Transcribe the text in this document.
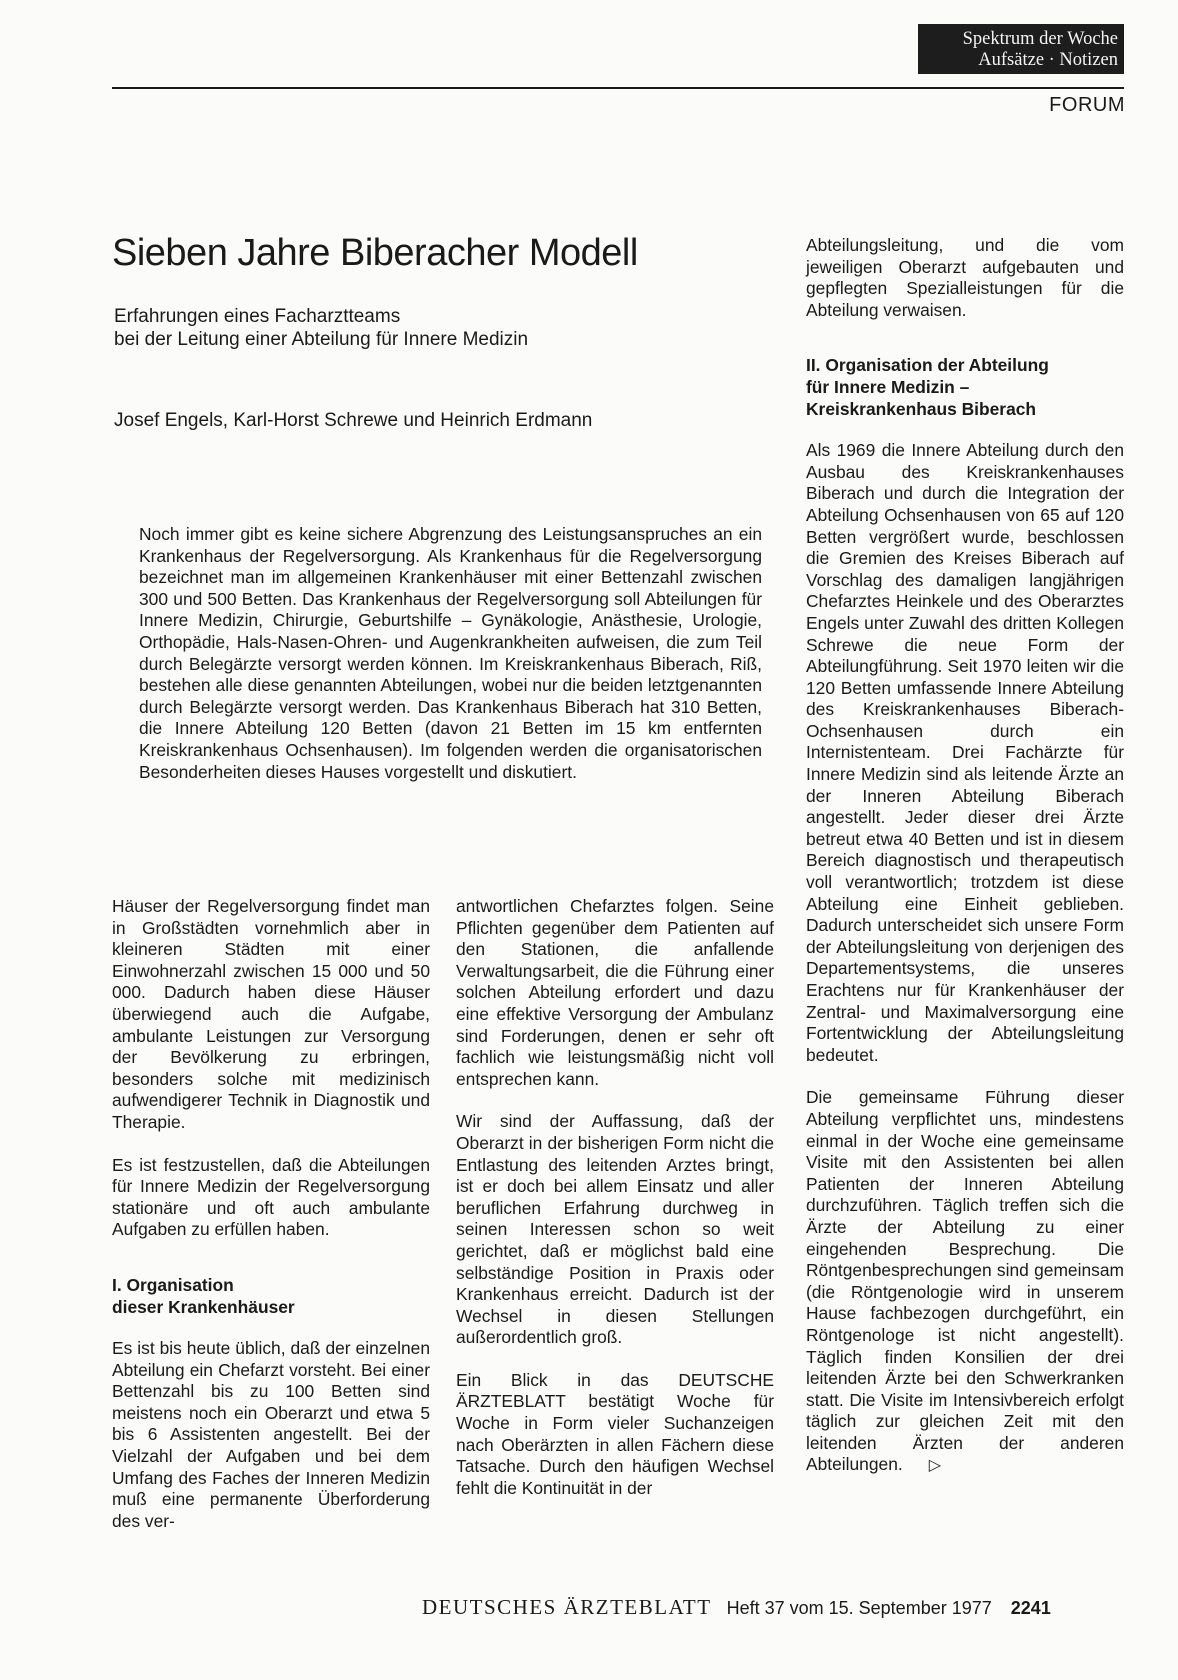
Spektrum der Woche
Aufsätze · Notizen
FORUM
Sieben Jahre Biberacher Modell
Erfahrungen eines Facharztteams
bei der Leitung einer Abteilung für Innere Medizin
Josef Engels, Karl-Horst Schrewe und Heinrich Erdmann
Noch immer gibt es keine sichere Abgrenzung des Leistungsanspruches an ein Krankenhaus der Regelversorgung. Als Krankenhaus für die Regelversorgung bezeichnet man im allgemeinen Krankenhäuser mit einer Bettenzahl zwischen 300 und 500 Betten. Das Krankenhaus der Regelversorgung soll Abteilungen für Innere Medizin, Chirurgie, Geburtshilfe – Gynäkologie, Anästhesie, Urologie, Orthopädie, Hals-Nasen-Ohren- und Augenkrankheiten aufweisen, die zum Teil durch Belegärzte versorgt werden können. Im Kreiskrankenhaus Biberach, Riß, bestehen alle diese genannten Abteilungen, wobei nur die beiden letztgenannten durch Belegärzte versorgt werden. Das Krankenhaus Biberach hat 310 Betten, die Innere Abteilung 120 Betten (davon 21 Betten im 15 km entfernten Kreiskrankenhaus Ochsenhausen). Im folgenden werden die organisatorischen Besonderheiten dieses Hauses vorgestellt und diskutiert.

Häuser der Regelversorgung findet man in Großstädten vornehmlich aber in kleineren Städten mit einer Einwohnerzahl zwischen 15 000 und 50 000. Dadurch haben diese Häuser überwiegend auch die Aufgabe, ambulante Leistungen zur Versorgung der Bevölkerung zu erbringen, besonders solche mit medizinisch aufwendigerer Technik in Diagnostik und Therapie.

Es ist festzustellen, daß die Abteilungen für Innere Medizin der Regelversorgung stationäre und oft auch ambulante Aufgaben zu erfüllen haben.

I. Organisation
dieser Krankenhäuser

Es ist bis heute üblich, daß der einzelnen Abteilung ein Chefarzt vorsteht. Bei einer Bettenzahl bis zu 100 Betten sind meistens noch ein Oberarzt und etwa 5 bis 6 Assistenten angestellt. Bei der Vielzahl der Aufgaben und bei dem Umfang des Faches der Inneren Medizin muß eine permanente Überforderung des ver-

antwortlichen Chefarztes folgen. Seine Pflichten gegenüber dem Patienten auf den Stationen, die anfallende Verwaltungsarbeit, die die Führung einer solchen Abteilung erfordert und dazu eine effektive Versorgung der Ambulanz sind Forderungen, denen er sehr oft fachlich wie leistungsmäßig nicht voll entsprechen kann.

Wir sind der Auffassung, daß der Oberarzt in der bisherigen Form nicht die Entlastung des leitenden Arztes bringt, ist er doch bei allem Einsatz und aller beruflichen Erfahrung durchweg in seinen Interessen schon so weit gerichtet, daß er möglichst bald eine selbständige Position in Praxis oder Krankenhaus erreicht. Dadurch ist der Wechsel in diesen Stellungen außerordentlich groß.

Ein Blick in das DEUTSCHE ÄRZTEBLATT bestätigt Woche für Woche in Form vieler Suchanzeigen nach Oberärzten in allen Fächern diese Tatsache. Durch den häufigen Wechsel fehlt die Kontinuität in der

Abteilungsleitung, und die vom jeweiligen Oberarzt aufgebauten und gepflegten Spezialleistungen für die Abteilung verwaisen.

II. Organisation der Abteilung
für Innere Medizin –
Kreiskrankenhaus Biberach

Als 1969 die Innere Abteilung durch den Ausbau des Kreiskrankenhauses Biberach und durch die Integration der Abteilung Ochsenhausen von 65 auf 120 Betten vergrößert wurde, beschlossen die Gremien des Kreises Biberach auf Vorschlag des damaligen langjährigen Chefarztes Heinkele und des Oberarztes Engels unter Zuwahl des dritten Kollegen Schrewe die neue Form der Abteilungführung. Seit 1970 leiten wir die 120 Betten umfassende Innere Abteilung des Kreiskrankenhauses Biberach-Ochsenhausen durch ein Internistenteam. Drei Fachärzte für Innere Medizin sind als leitende Ärzte an der Inneren Abteilung Biberach angestellt. Jeder dieser drei Ärzte betreut etwa 40 Betten und ist in diesem Bereich diagnostisch und therapeutisch voll verantwortlich; trotzdem ist diese Abteilung eine Einheit geblieben. Dadurch unterscheidet sich unsere Form der Abteilungsleitung von derjenigen des Departementsystems, die unseres Erachtens nur für Krankenhäuser der Zentral- und Maximalversorgung eine Fortentwicklung der Abteilungsleitung bedeutet.

Die gemeinsame Führung dieser Abteilung verpflichtet uns, mindestens einmal in der Woche eine gemeinsame Visite mit den Assistenten bei allen Patienten der Inneren Abteilung durchzuführen. Täglich treffen sich die Ärzte der Abteilung zu einer eingehenden Besprechung. Die Röntgenbesprechungen sind gemeinsam (die Röntgenologie wird in unserem Hause fachbezogen durchgeführt, ein Röntgenologe ist nicht angestellt). Täglich finden Konsilien der drei leitenden Ärzte bei den Schwerkranken statt. Die Visite im Intensivbereich erfolgt täglich zur gleichen Zeit mit den leitenden Ärzten der anderen Abteilungen. ▷

DEUTSCHES ÄRZTEBLATT Heft 37 vom 15. September 1977 2241
